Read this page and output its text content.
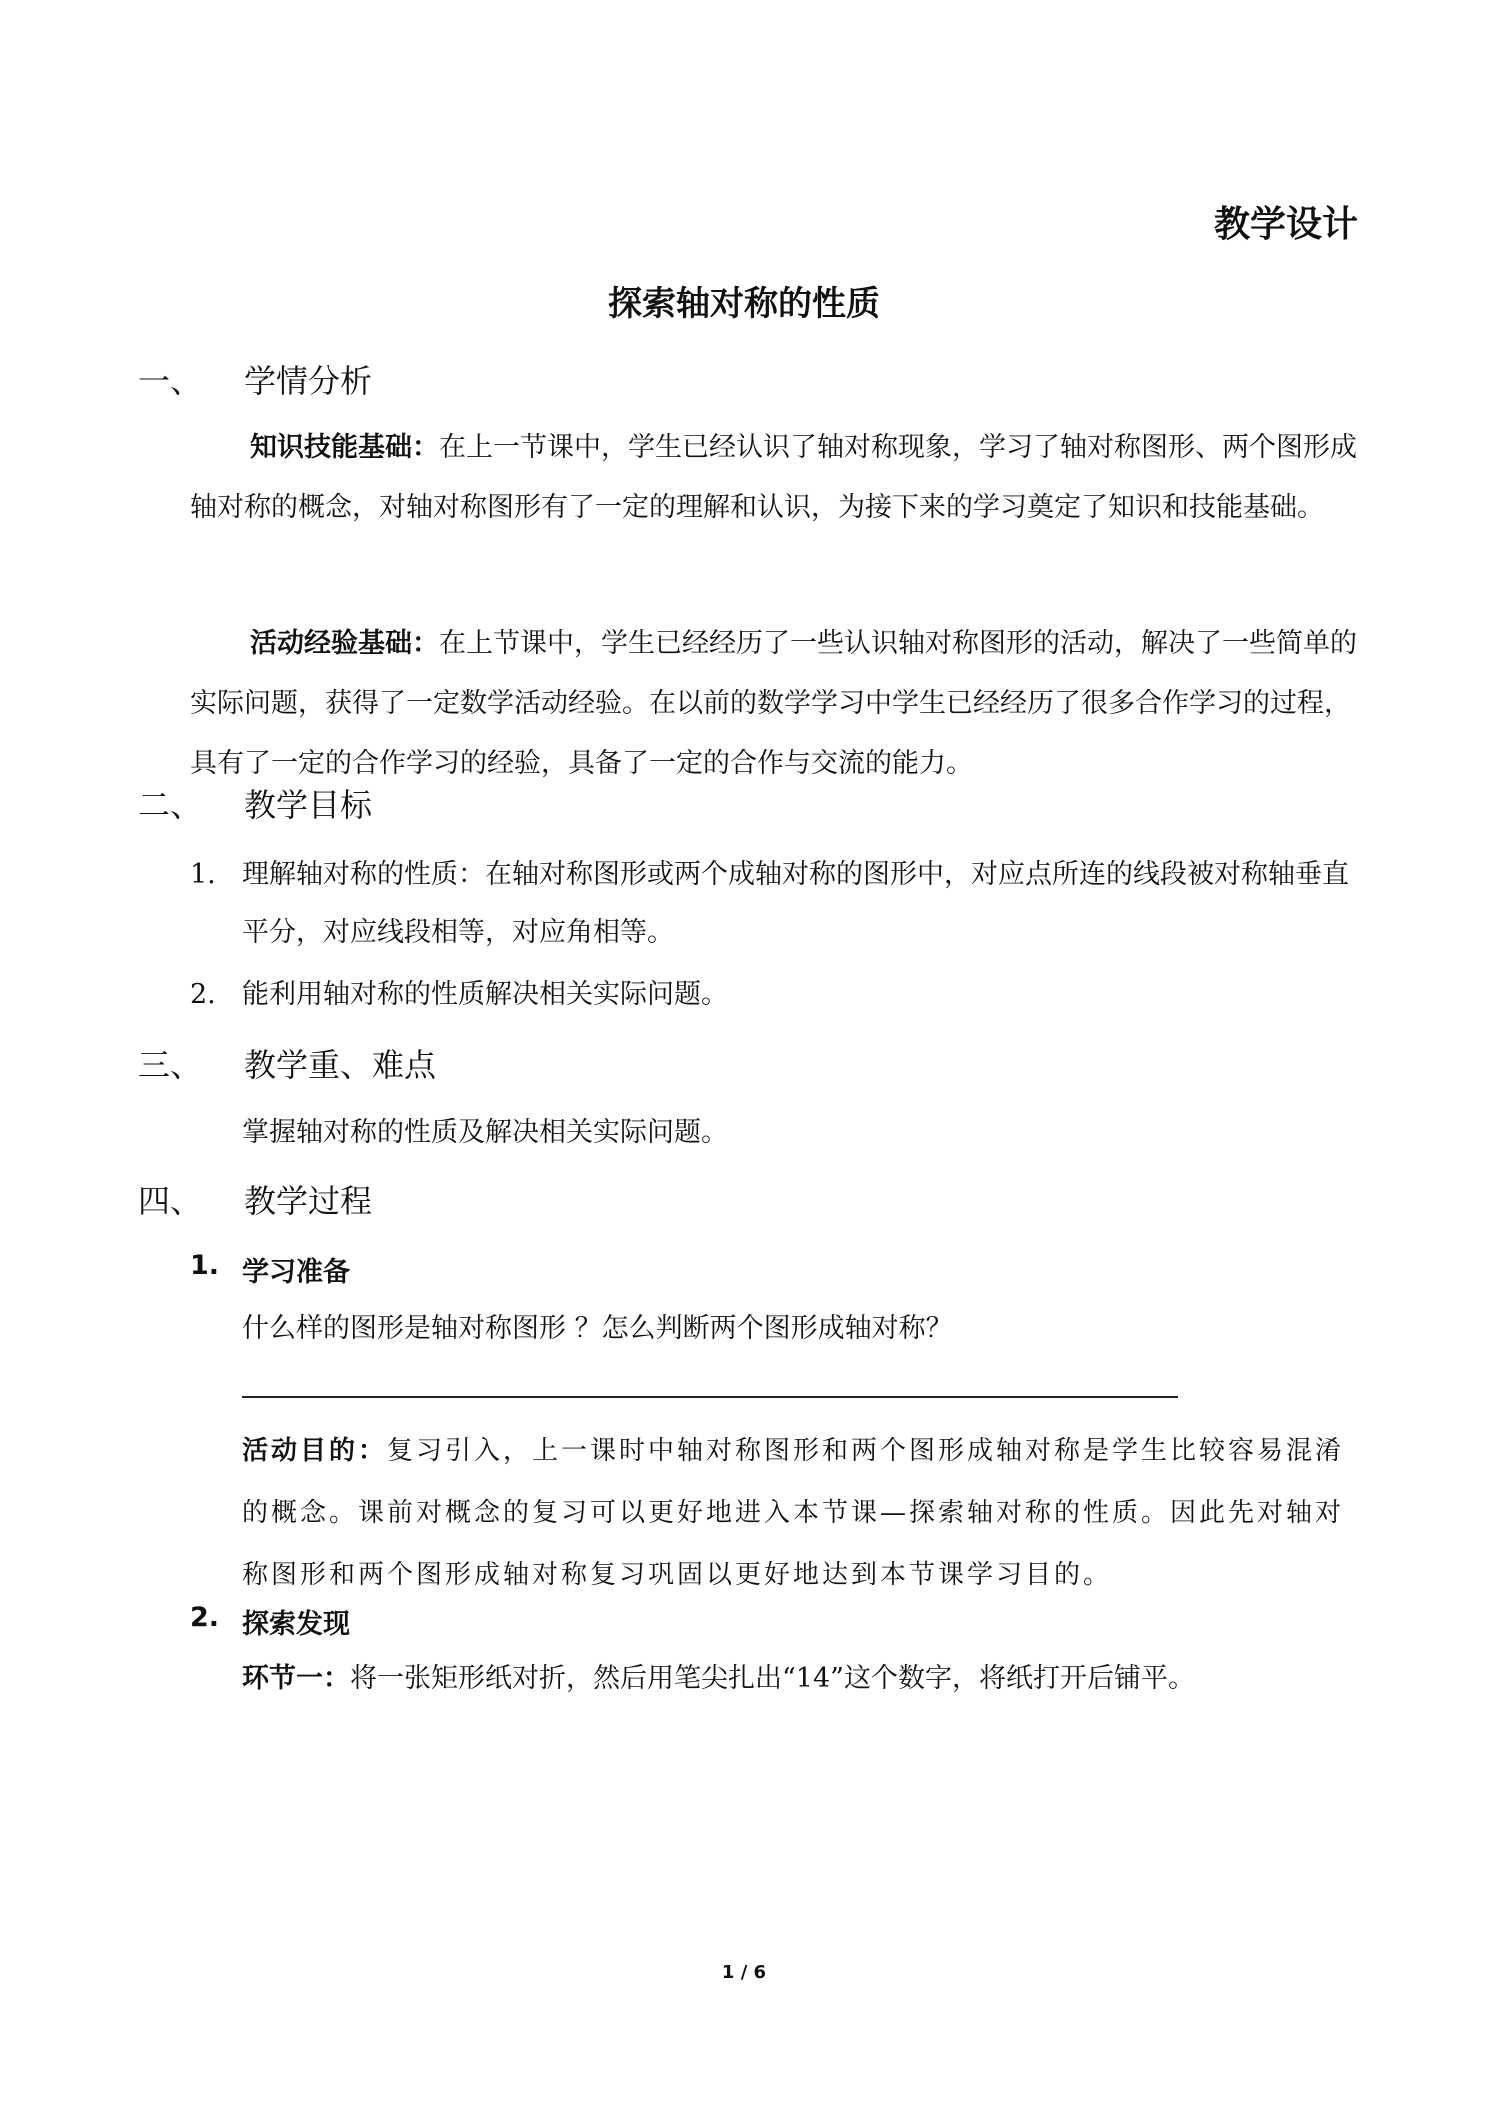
教学设计
探索轴对称的性质
一、	学情分析
知识技能基础：在上一节课中，学生已经认识了轴对称现象，学习了轴对称图形、两个图形成轴对称的概念，对轴对称图形有了一定的理解和认识，为接下来的学习奠定了知识和技能基础。
活动经验基础：在上节课中，学生已经经历了一些认识轴对称图形的活动，解决了一些简单的实际问题，获得了一定数学活动经验。在以前的数学学习中学生已经经历了很多合作学习的过程，具有了一定的合作学习的经验，具备了一定的合作与交流的能力。
二、	教学目标
1. 理解轴对称的性质：在轴对称图形或两个成轴对称的图形中，对应点所连的线段被对称轴垂直平分，对应线段相等，对应角相等。
2. 能利用轴对称的性质解决相关实际问题。
三、	教学重、难点
掌握轴对称的性质及解决相关实际问题。
四、	教学过程
1. 学习准备
什么样的图形是轴对称图形 ？怎么判断两个图形成轴对称？
活动目的：复习引入，上一课时中轴对称图形和两个图形成轴对称是学生比较容易混淆的概念。课前对概念的复习可以更好地进入本节课—探索轴对称的性质。因此先对轴对称图形和两个图形成轴对称复习巩固以更好地达到本节课学习目的。
2. 探索发现
环节一：将一张矩形纸对折，然后用笔尖扎出“14”这个数字，将纸打开后铺平。
1 / 6
